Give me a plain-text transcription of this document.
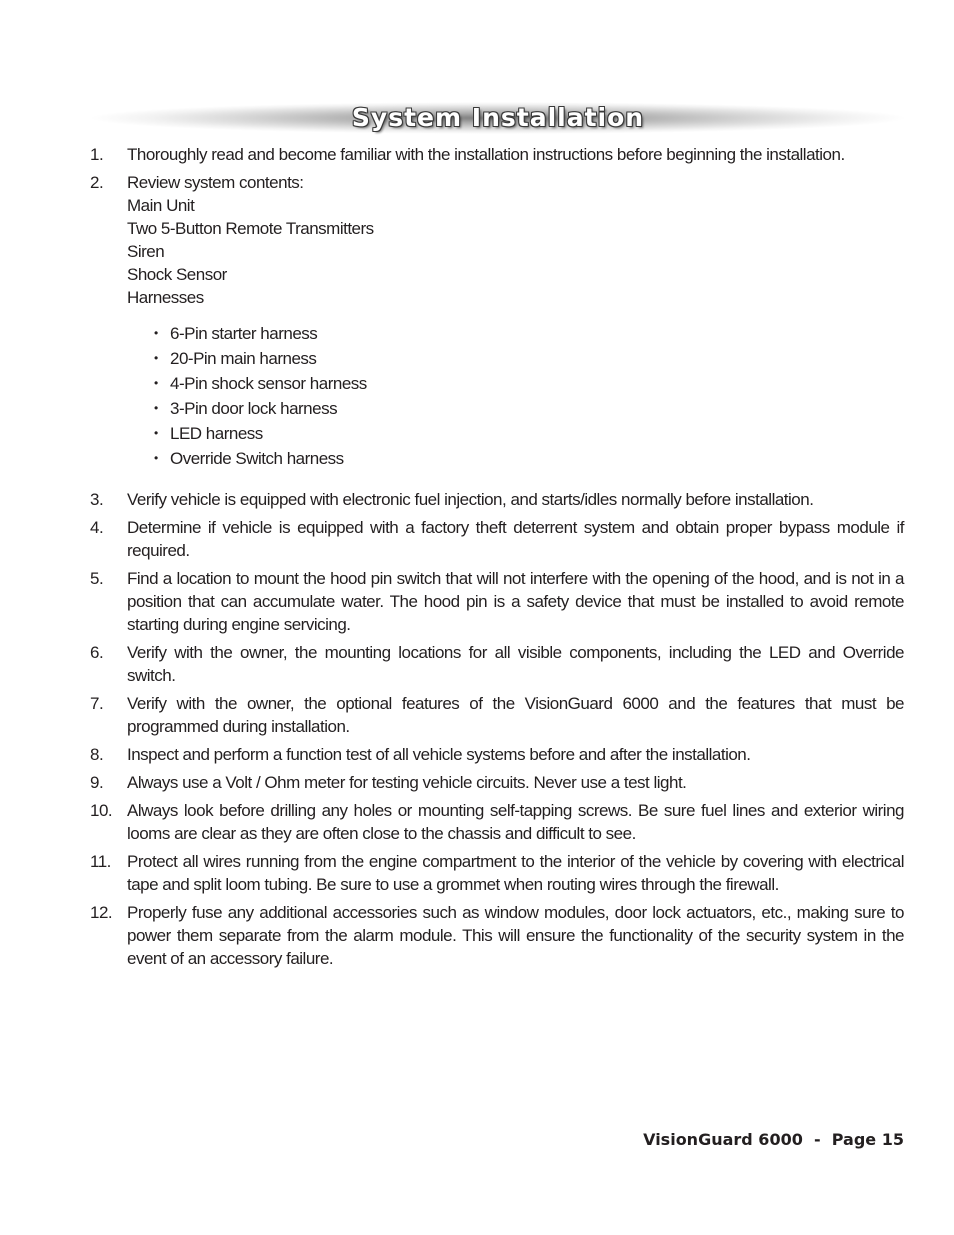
System Installation
1.	Thoroughly read and become familiar with the installation instructions before beginning the installation.
2.	Review system contents:
Main Unit
Two 5-Button Remote Transmitters
Siren
Shock Sensor
Harnesses
• 6-Pin starter harness
• 20-Pin main harness
• 4-Pin shock sensor harness
• 3-Pin door lock harness
• LED harness
• Override Switch harness
3.	Verify vehicle is equipped with electronic fuel injection, and starts/idles normally before installation.
4.	Determine if vehicle is equipped with a factory theft deterrent system and obtain proper bypass module if required.
5.	Find a location to mount the hood pin switch that will not interfere with the opening of the hood, and is not in a position that can accumulate water. The hood pin is a safety device that must be installed to avoid remote starting during engine servicing.
6.	Verify with the owner, the mounting locations for all visible components, including the LED and Override switch.
7.	Verify with the owner, the optional features of the VisionGuard 6000 and the features that must be programmed during installation.
8.	Inspect and perform a function test of all vehicle systems before and after the installation.
9.	Always use a Volt / Ohm meter for testing vehicle circuits. Never use a test light.
10. Always look before drilling any holes or mounting self-tapping screws. Be sure fuel lines and exterior wiring looms are clear as they are often close to the chassis and difficult to see.
11. Protect all wires running from the engine compartment to the interior of the vehicle by covering with electrical tape and split loom tubing. Be sure to use a grommet when routing wires through the firewall.
12. Properly fuse any additional accessories such as window modules, door lock actuators, etc., making sure to power them separate from the alarm module. This will ensure the functionality of the security system in the event of an accessory failure.
VisionGuard 6000  -  Page 15
